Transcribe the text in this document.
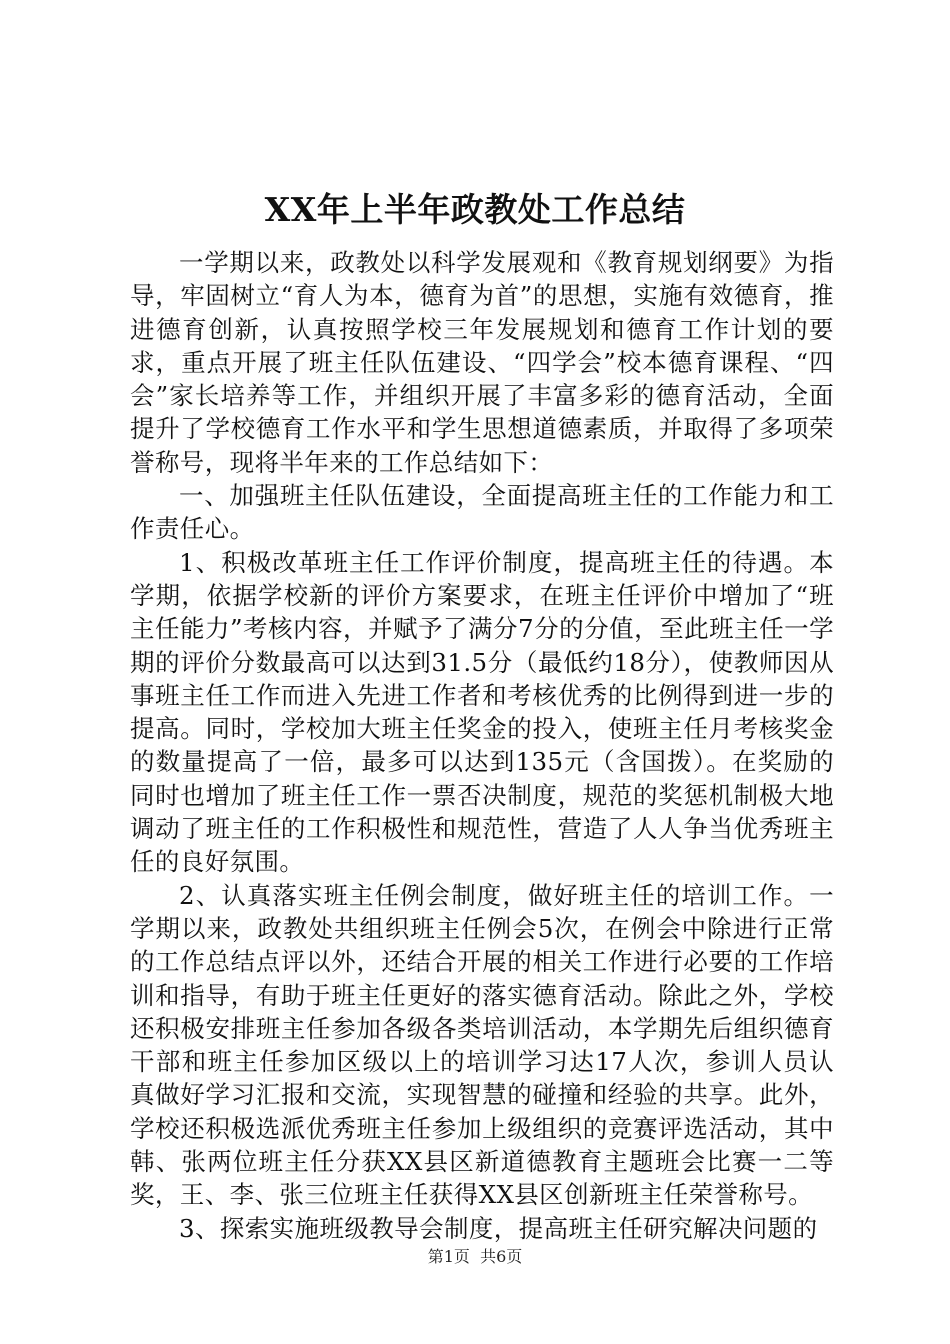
XX年上半年政教处工作总结

一学期以来，政教处以科学发展观和《教育规划纲要》为指导，牢固树立“育人为本，德育为首”的思想，实施有效德育，推进德育创新，认真按照学校三年发展规划和德育工作计划的要求，重点开展了班主任队伍建设、“四学会”校本德育课程、“四会”家长培养等工作，并组织开展了丰富多彩的德育活动，全面提升了学校德育工作水平和学生思想道德素质，并取得了多项荣誉称号，现将半年来的工作总结如下：

一、加强班主任队伍建设，全面提高班主任的工作能力和工作责任心。

1、积极改革班主任工作评价制度，提高班主任的待遇。本学期，依据学校新的评价方案要求，在班主任评价中增加了“班主任能力”考核内容，并赋予了满分7分的分值，至此班主任一学期的评价分数最高可以达到31.5分（最低约18分），使教师因从事班主任工作而进入先进工作者和考核优秀的比例得到进一步的提高。同时，学校加大班主任奖金的投入，使班主任月考核奖金的数量提高了一倍，最多可以达到135元（含国拨）。在奖励的同时也增加了班主任工作一票否决制度，规范的奖惩机制极大地调动了班主任的工作积极性和规范性，营造了人人争当优秀班主任的良好氛围。

2、认真落实班主任例会制度，做好班主任的培训工作。一学期以来，政教处共组织班主任例会5次，在例会中除进行正常的工作总结点评以外，还结合开展的相关工作进行必要的工作培训和指导，有助于班主任更好的落实德育活动。除此之外，学校还积极安排班主任参加各级各类培训活动，本学期先后组织德育干部和班主任参加区级以上的培训学习达17人次，参训人员认真做好学习汇报和交流，实现智慧的碰撞和经验的共享。此外，学校还积极选派优秀班主任参加上级组织的竞赛评选活动，其中韩、张两位班主任分获XX县区新道德教育主题班会比赛一二等奖，王、李、张三位班主任获得XX县区创新班主任荣誉称号。

3、探索实施班级教导会制度，提高班主任研究解决问题的

第1页 共6页
